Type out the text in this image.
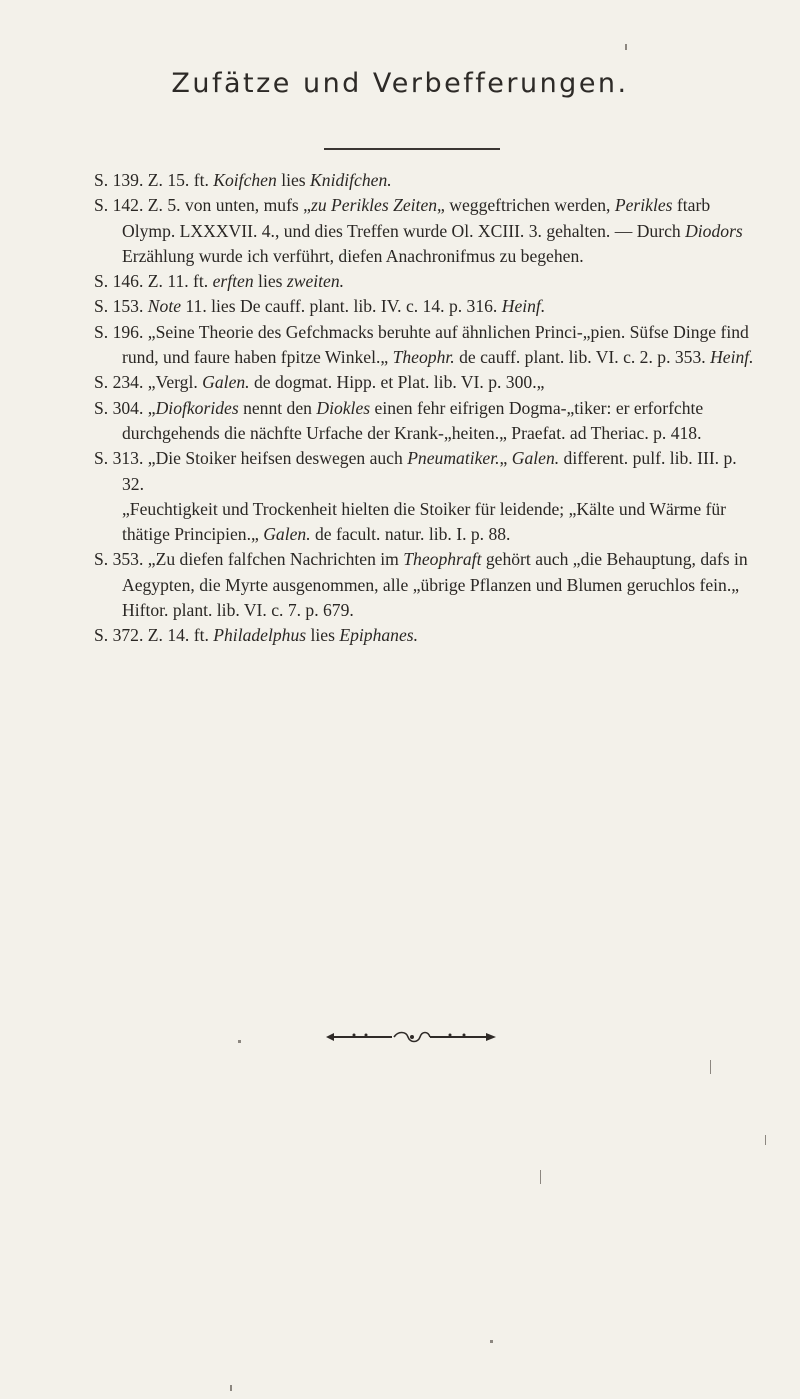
Zufätze und Verbefferungen.
S. 139. Z. 15. ft. Koifchen lies Knidifchen.
S. 142. Z. 5. von unten, mufs „zu Perikles Zeiten„ weggeftrichen werden, Perikles ftarb Olymp. LXXXVII. 4., und dies Treffen wurde Ol. XCIII. 3. gehalten. — Durch Diodors Erzählung wurde ich verführt, diefen Anachronifmus zu begehen.
S. 146. Z. 11. ft. erften lies zweiten.
S. 153. Note 11. lies De cauff. plant. lib. IV. c. 14. p. 316. Heinf.
S. 196. „Seine Theorie des Gefchmacks beruhte auf ähnlichen Princi-„pien. Süfse Dinge find rund, und faure haben fpitze Winkel.„ Theophr. de cauff. plant. lib. VI. c. 2. p. 353. Heinf.
S. 234. „Vergl. Galen. de dogmat. Hipp. et Plat. lib. VI. p. 300.„
S. 304. „Diofkorides nennt den Diokles einen fehr eifrigen Dogma-„tiker: er erforfchte durchgehends die nächfte Urfache der Krank-„heiten.„ Praefat. ad Theriac. p. 418.
S. 313. „Die Stoiker heifsen deswegen auch Pneumatiker.„ Galen. different. pulf. lib. III. p. 32.
„Feuchtigkeit und Trockenheit hielten die Stoiker für leidende; „Kälte und Wärme für thätige Principien.„ Galen. de facult. natur. lib. I. p. 88.
S. 353. „Zu diefen falfchen Nachrichten im Theophraft gehört auch „die Behauptung, dafs in Aegypten, die Myrte ausgenommen, alle „übrige Pflanzen und Blumen geruchlos fein.„ Hiftor. plant. lib. VI. c. 7. p. 679.
S. 372. Z. 14. ft. Philadelphus lies Epiphanes.
